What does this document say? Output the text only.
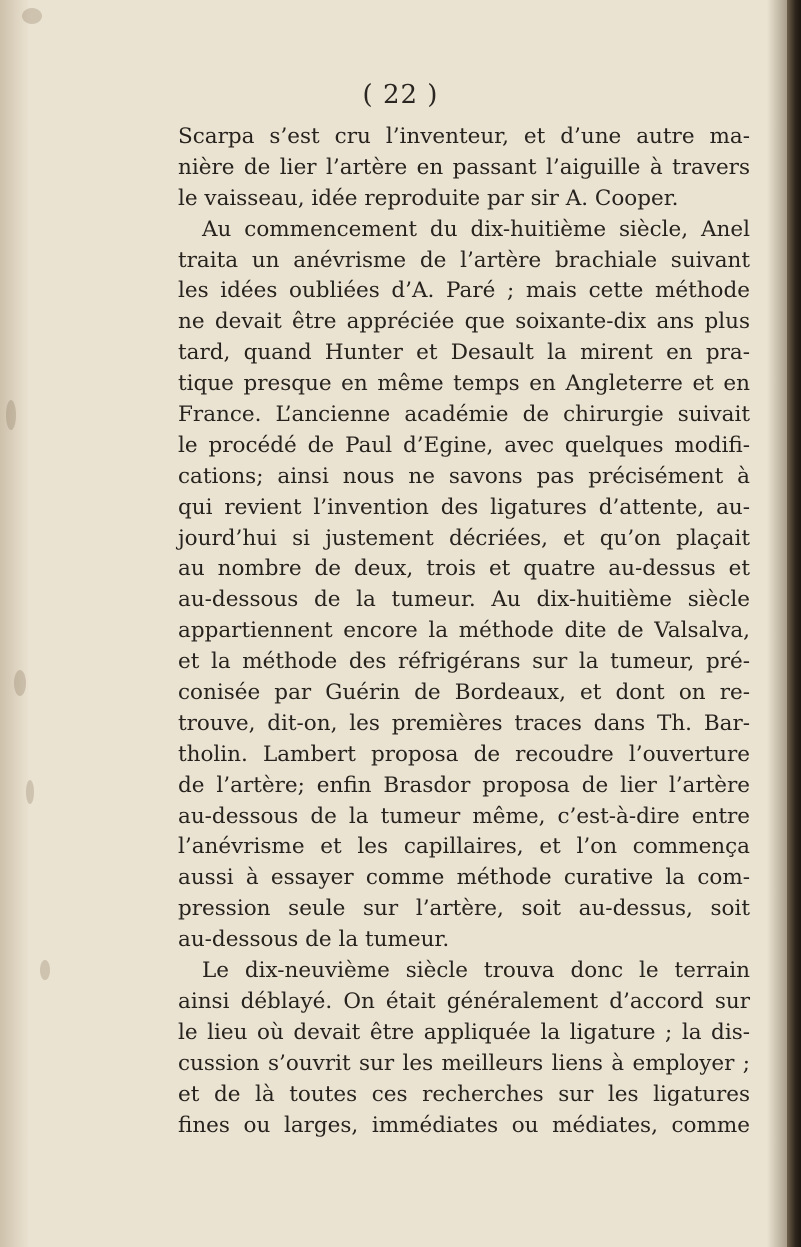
( 22 )
Scarpa s’est cru l’inventeur, et d’une autre ma-
nière de lier l’artère en passant l’aiguille à travers
le vaisseau, idée reproduite par sir A. Cooper.
Au commencement du dix-huitième siècle, Anel
traita un anévrisme de l’artère brachiale suivant
les idées oubliées d’A. Paré ; mais cette méthode
ne devait être appréciée que soixante-dix ans plus
tard, quand Hunter et Desault la mirent en pra-
tique presque en même temps en Angleterre et en
France. L’ancienne académie de chirurgie suivait
le procédé de Paul d’Egine, avec quelques modifi-
cations; ainsi nous ne savons pas précisément à
qui revient l’invention des ligatures d’attente, au-
jourd’hui si justement décriées, et qu’on plaçait
au nombre de deux, trois et quatre au-dessus et
au-dessous de la tumeur. Au dix-huitième siècle
appartiennent encore la méthode dite de Valsalva,
et la méthode des réfrigérans sur la tumeur, pré-
conisée par Guérin de Bordeaux, et dont on re-
trouve, dit-on, les premières traces dans Th. Bar-
tholin. Lambert proposa de recoudre l’ouverture
de l’artère; enfin Brasdor proposa de lier l’artère
au-dessous de la tumeur même, c’est-à-dire entre
l’anévrisme et les capillaires, et l’on commença
aussi à essayer comme méthode curative la com-
pression seule sur l’artère, soit au-dessus, soit
au-dessous de la tumeur.
Le dix-neuvième siècle trouva donc le terrain
ainsi déblayé. On était généralement d’accord sur
le lieu où devait être appliquée la ligature ; la dis-
cussion s’ouvrit sur les meilleurs liens à employer ;
et de là toutes ces recherches sur les ligatures
fines ou larges, immédiates ou médiates, comme
